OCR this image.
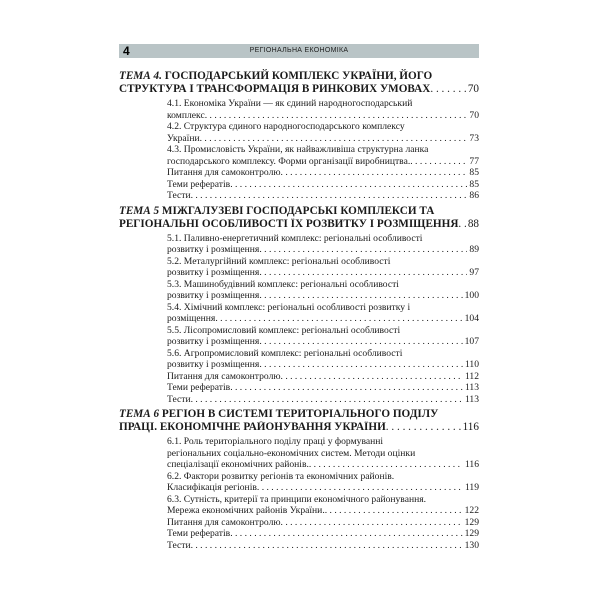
4	РЕГІОНАЛЬНА ЕКОНОМІКА
ТЕМА 4. ГОСПОДАРСЬКИЙ КОМПЛЕКС УКРАЇНИ, ЙОГО
СТРУКТУРА І ТРАНСФОРМАЦІЯ В РИНКОВИХ УМОВАХ . . .	70
4.1. Економіка України — як єдиний народногосподарський
комплекс . . .	70
4.2. Структура єдиного народногосподарського комплексу
України . . .	73
4.3. Промисловість України, як найважливіша структурна ланка
господарського комплексу. Форми організації виробництва. . . .	77
Питання для самоконтролю . . .	85
Теми рефератів . . .	85
Тести . . .	86
ТЕМА 5 МІЖГАЛУЗЕВІ ГОСПОДАРСЬКІ КОМПЛЕКСИ ТА
РЕГІОНАЛЬНІ ОСОБЛИВОСТІ ЇХ РОЗВИТКУ І РОЗМІЩЕННЯ . . . 88
5.1. Паливно-енергетичний комплекс: регіональні особливості
розвитку і розміщення . . .	89
5.2. Металургійний комплекс: регіональні особливості
розвитку і розміщення . . .	97
5.3. Машинобудівний комплекс: регіональні особливості
розвитку і розміщення . . .	100
5.4. Хімічний комплекс: регіональні особливості розвитку і
розміщення . . .	104
5.5. Лісопромисловий комплекс: регіональні особливості
розвитку і розміщення . . .	107
5.6. Агропромисловий комплекс: регіональні особливості
розвитку і розміщення . . .	110
Питання для самоконтролю . . .	112
Теми рефератів . . .	113
Тести . . .	113
ТЕМА 6 РЕГІОН В СИСТЕМІ ТЕРИТОРІАЛЬНОГО ПОДІЛУ
ПРАЦІ. ЕКОНОМІЧНЕ РАЙОНУВАННЯ УКРАЇНИ . . .	116
6.1. Роль територіального поділу праці у формуванні
регіональних соціально-економічних систем. Методи оцінки
спеціалізації економічних районів. . . .	116
6.2. Фактори розвитку регіонів та економічних районів.
Класифікація регіонів . . .	119
6.3. Сутність, критерії та принципи економічного районування.
Мережа економічних районів України. . . .	122
Питання для самоконтролю . . .	129
Теми рефератів . . .	129
Тести . . .	130
